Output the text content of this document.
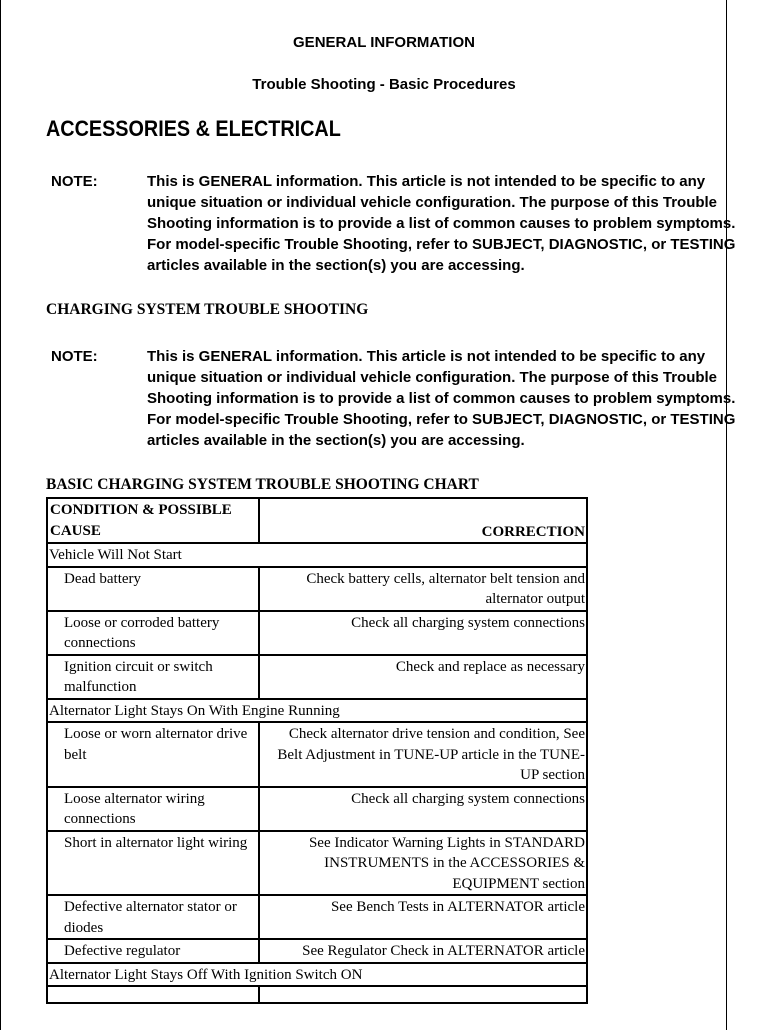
GENERAL INFORMATION
Trouble Shooting - Basic Procedures
ACCESSORIES & ELECTRICAL
NOTE:	This is GENERAL information. This article is not intended to be specific to any unique situation or individual vehicle configuration. The purpose of this Trouble Shooting information is to provide a list of common causes to problem symptoms. For model-specific Trouble Shooting, refer to SUBJECT, DIAGNOSTIC, or TESTING articles available in the section(s) you are accessing.
CHARGING SYSTEM TROUBLE SHOOTING
NOTE:	This is GENERAL information. This article is not intended to be specific to any unique situation or individual vehicle configuration. The purpose of this Trouble Shooting information is to provide a list of common causes to problem symptoms. For model-specific Trouble Shooting, refer to SUBJECT, DIAGNOSTIC, or TESTING articles available in the section(s) you are accessing.
BASIC CHARGING SYSTEM TROUBLE SHOOTING CHART
CONDITION & POSSIBLE CAUSE	CORRECTION
Vehicle Will Not Start	
Dead battery	Check battery cells, alternator belt tension and alternator output
Loose or corroded battery connections	Check all charging system connections
Ignition circuit or switch malfunction	Check and replace as necessary
Alternator Light Stays On With Engine Running	
Loose or worn alternator drive belt	Check alternator drive tension and condition, See Belt Adjustment in TUNE-UP article in the TUNE-UP section
Loose alternator wiring connections	Check all charging system connections
Short in alternator light wiring	See Indicator Warning Lights in STANDARD INSTRUMENTS in the ACCESSORIES & EQUIPMENT section
Defective alternator stator or diodes	See Bench Tests in ALTERNATOR article
Defective regulator	See Regulator Check in ALTERNATOR article
Alternator Light Stays Off With Ignition Switch ON	
